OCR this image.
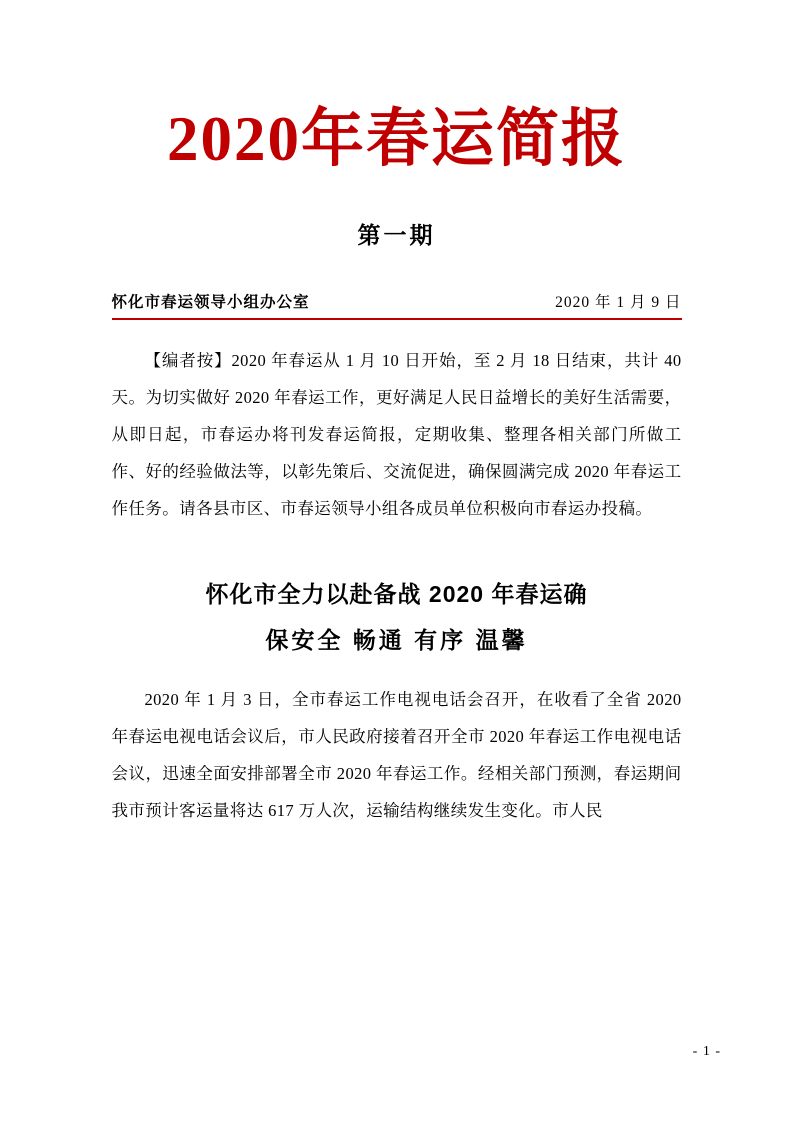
2020年春运简报
第一期
怀化市春运领导小组办公室	2020 年 1 月 9 日

【编者按】2020 年春运从 1 月 10 日开始，至 2 月 18 日结束，共计 40 天。为切实做好 2020 年春运工作，更好满足人民日益增长的美好生活需要，从即日起，市春运办将刊发春运简报，定期收集、整理各相关部门所做工作、好的经验做法等，以彰先策后、交流促进，确保圆满完成 2020 年春运工作任务。请各县市区、市春运领导小组各成员单位积极向市春运办投稿。

怀化市全力以赴备战 2020 年春运确
保安全 畅通 有序 温馨

2020 年 1 月 3 日，全市春运工作电视电话会召开，在收看了全省 2020 年春运电视电话会议后，市人民政府接着召开全市 2020 年春运工作电视电话会议，迅速全面安排部署全市 2020 年春运工作。经相关部门预测，春运期间我市预计客运量将达 617 万人次，运输结构继续发生变化。市人民

- 1 -
